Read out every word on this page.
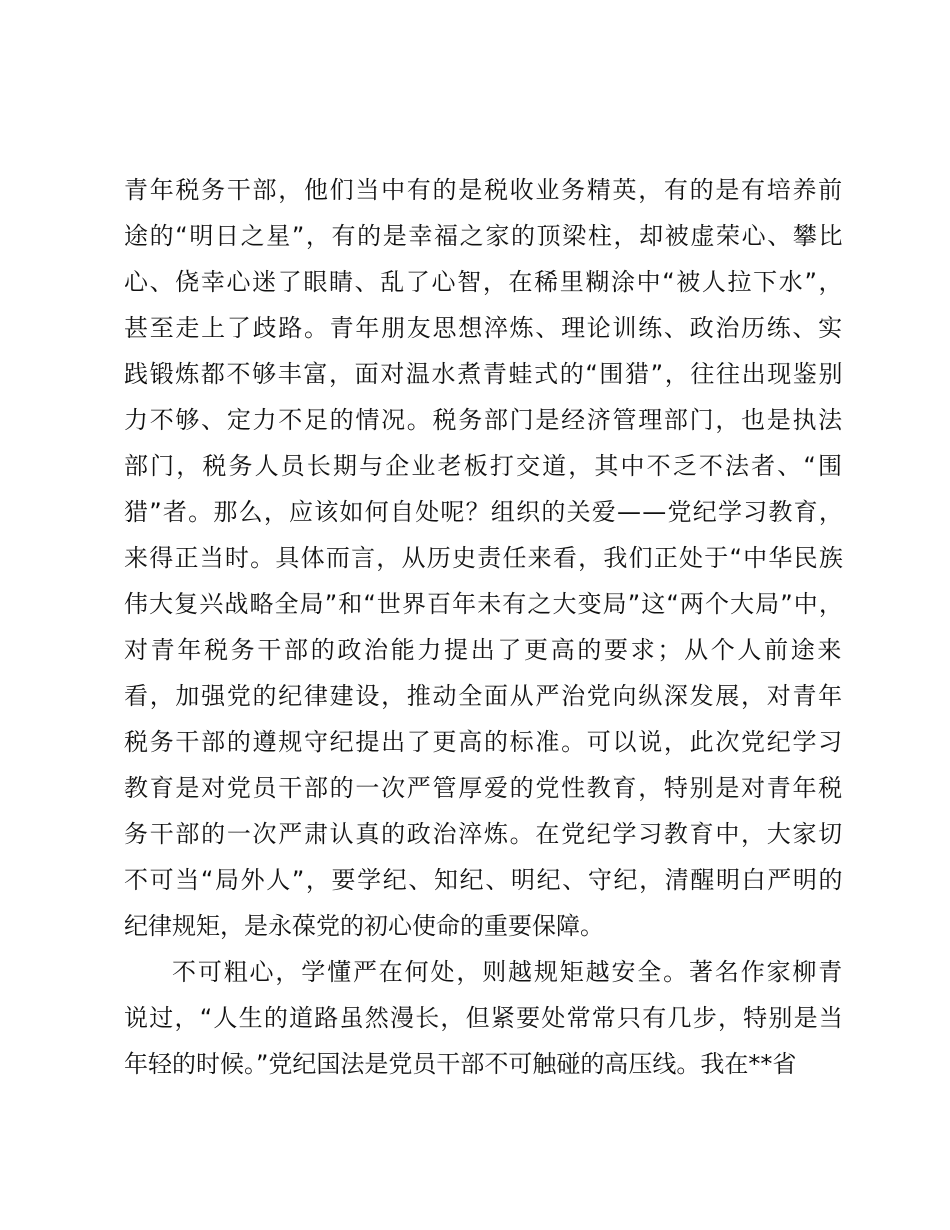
青年税务干部，他们当中有的是税收业务精英，有的是有培养前
途的“明日之星”，有的是幸福之家的顶梁柱，却被虚荣心、攀比
心、侥幸心迷了眼睛、乱了心智，在稀里糊涂中“被人拉下水”，
甚至走上了歧路。青年朋友思想淬炼、理论训练、政治历练、实
践锻炼都不够丰富，面对温水煮青蛙式的“围猎”，往往出现鉴别
力不够、定力不足的情况。税务部门是经济管理部门，也是执法
部门，税务人员长期与企业老板打交道，其中不乏不法者、“围
猎”者。那么，应该如何自处呢？组织的关爱——党纪学习教育，
来得正当时。具体而言，从历史责任来看，我们正处于“中华民族
伟大复兴战略全局”和“世界百年未有之大变局”这“两个大局”中，
对青年税务干部的政治能力提出了更高的要求；从个人前途来
看，加强党的纪律建设，推动全面从严治党向纵深发展，对青年
税务干部的遵规守纪提出了更高的标准。可以说，此次党纪学习
教育是对党员干部的一次严管厚爱的党性教育，特别是对青年税
务干部的一次严肃认真的政治淬炼。在党纪学习教育中，大家切
不可当“局外人”，要学纪、知纪、明纪、守纪，清醒明白严明的
纪律规矩，是永葆党的初心使命的重要保障。
不可粗心，学懂严在何处，则越规矩越安全。著名作家柳青
说过，“人生的道路虽然漫长，但紧要处常常只有几步，特别是当
年轻的时候。”党纪国法是党员干部不可触碰的高压线。我在**省
